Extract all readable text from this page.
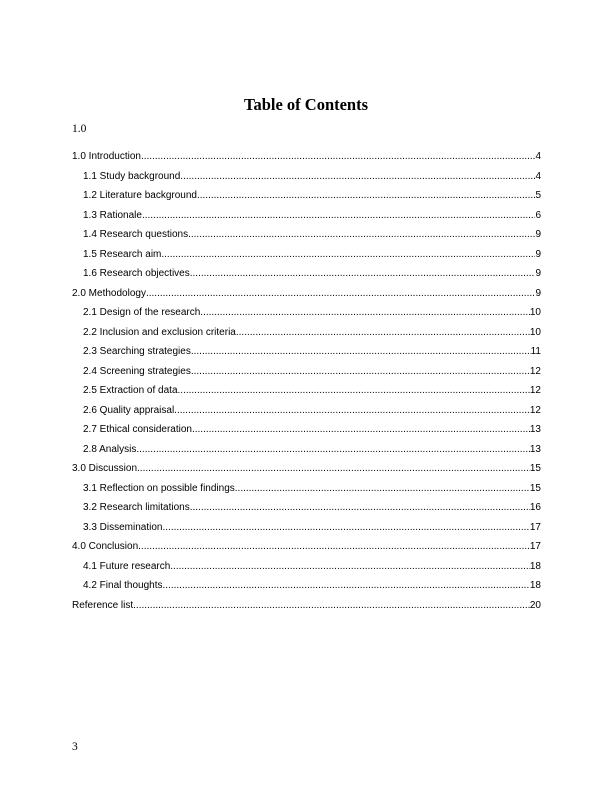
Table of Contents
1.0
1.0 Introduction .....	4
1.1 Study background .....	4
1.2 Literature background .....	5
1.3 Rationale .....	6
1.4 Research questions .....	9
1.5 Research aim .....	9
1.6 Research objectives .....	9
2.0 Methodology .....	9
2.1 Design of the research .....	10
2.2 Inclusion and exclusion criteria .....	10
2.3 Searching strategies .....	11
2.4 Screening strategies .....	12
2.5 Extraction of data .....	12
2.6 Quality appraisal .....	12
2.7 Ethical consideration .....	13
2.8 Analysis .....	13
3.0 Discussion .....	15
3.1 Reflection on possible findings .....	15
3.2 Research limitations .....	16
3.3 Dissemination .....	17
4.0 Conclusion .....	17
4.1 Future research .....	18
4.2 Final thoughts .....	18
Reference list .....	20
3
